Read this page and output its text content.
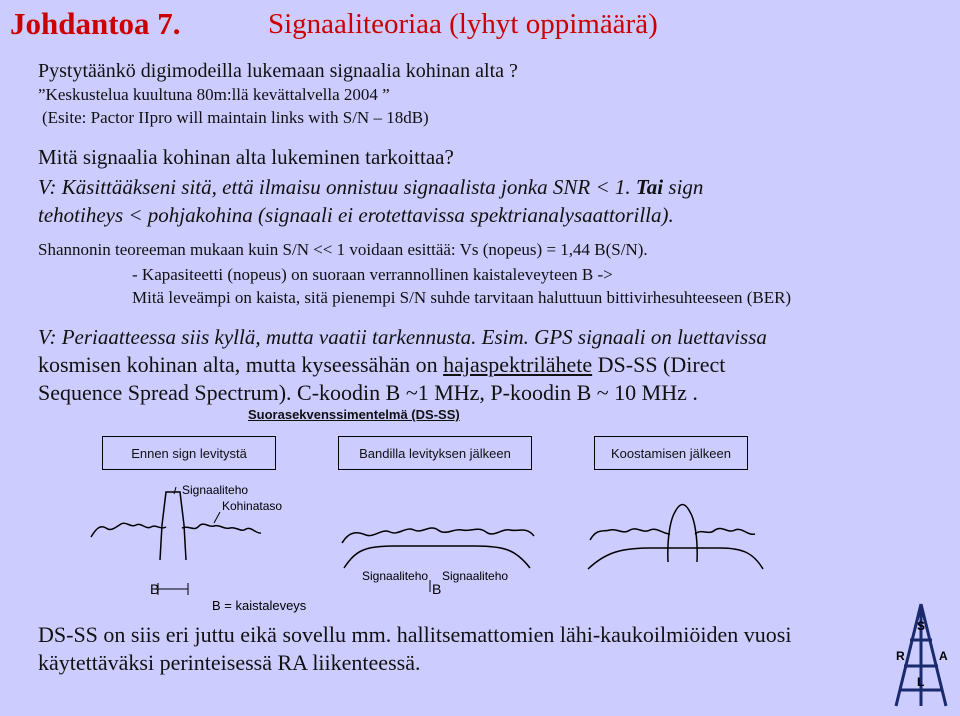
Johdantoa 7.	Signaaliteoriaa (lyhyt oppimäärä)
Pystytäänkö digimodeilla lukemaan signaalia kohinan alta ?
”Keskustelua kuultuna 80m:llä kevättalvella 2004 ”
(Esite: Pactor IIpro will maintain links with S/N – 18dB)
Mitä signaalia kohinan alta lukeminen tarkoittaa?
V: Käsittääkseni sitä, että ilmaisu onnistuu signaalista jonka SNR < 1. Tai sign
tehotiheys < pohjakohina (signaali ei erotettavissa spektrianalysaattorilla).
Shannonin teoreeman mukaan kuin S/N << 1 voidaan esittää: Vs (nopeus) = 1,44 B(S/N).
- Kapasiteetti (nopeus) on suoraan verrannollinen kaistaleveyteen B ->
Mitä leveämpi on kaista, sitä pienempi S/N suhde tarvitaan haluttuun bittivirhesuhteeseen (BER)
V: Periaatteessa siis kyllä, mutta vaatii tarkennusta. Esim. GPS signaali on luettavissa
kosmisen kohinan alta, mutta kyseessähän on hajaspektrilähete DS-SS (Direct
Sequence Spread Spectrum). C-koodin B ~1 MHz, P-koodin B ~ 10 MHz .
Suorasekvenssimentelmä (DS-SS)
Ennen sign levitystä	Bandilla levityksen jälkeen	Koostamisen jälkeen
Signaaliteho
Kohinataso
B
B = kaistaleveys
Signaaliteho Signaaliteho
B
DS-SS on siis eri juttu eikä sovellu mm. hallitsemattomien lähi-kaukoilmiöiden vuosi
käytettäväksi perinteisessä RA liikenteessä.
S
R	A
L
